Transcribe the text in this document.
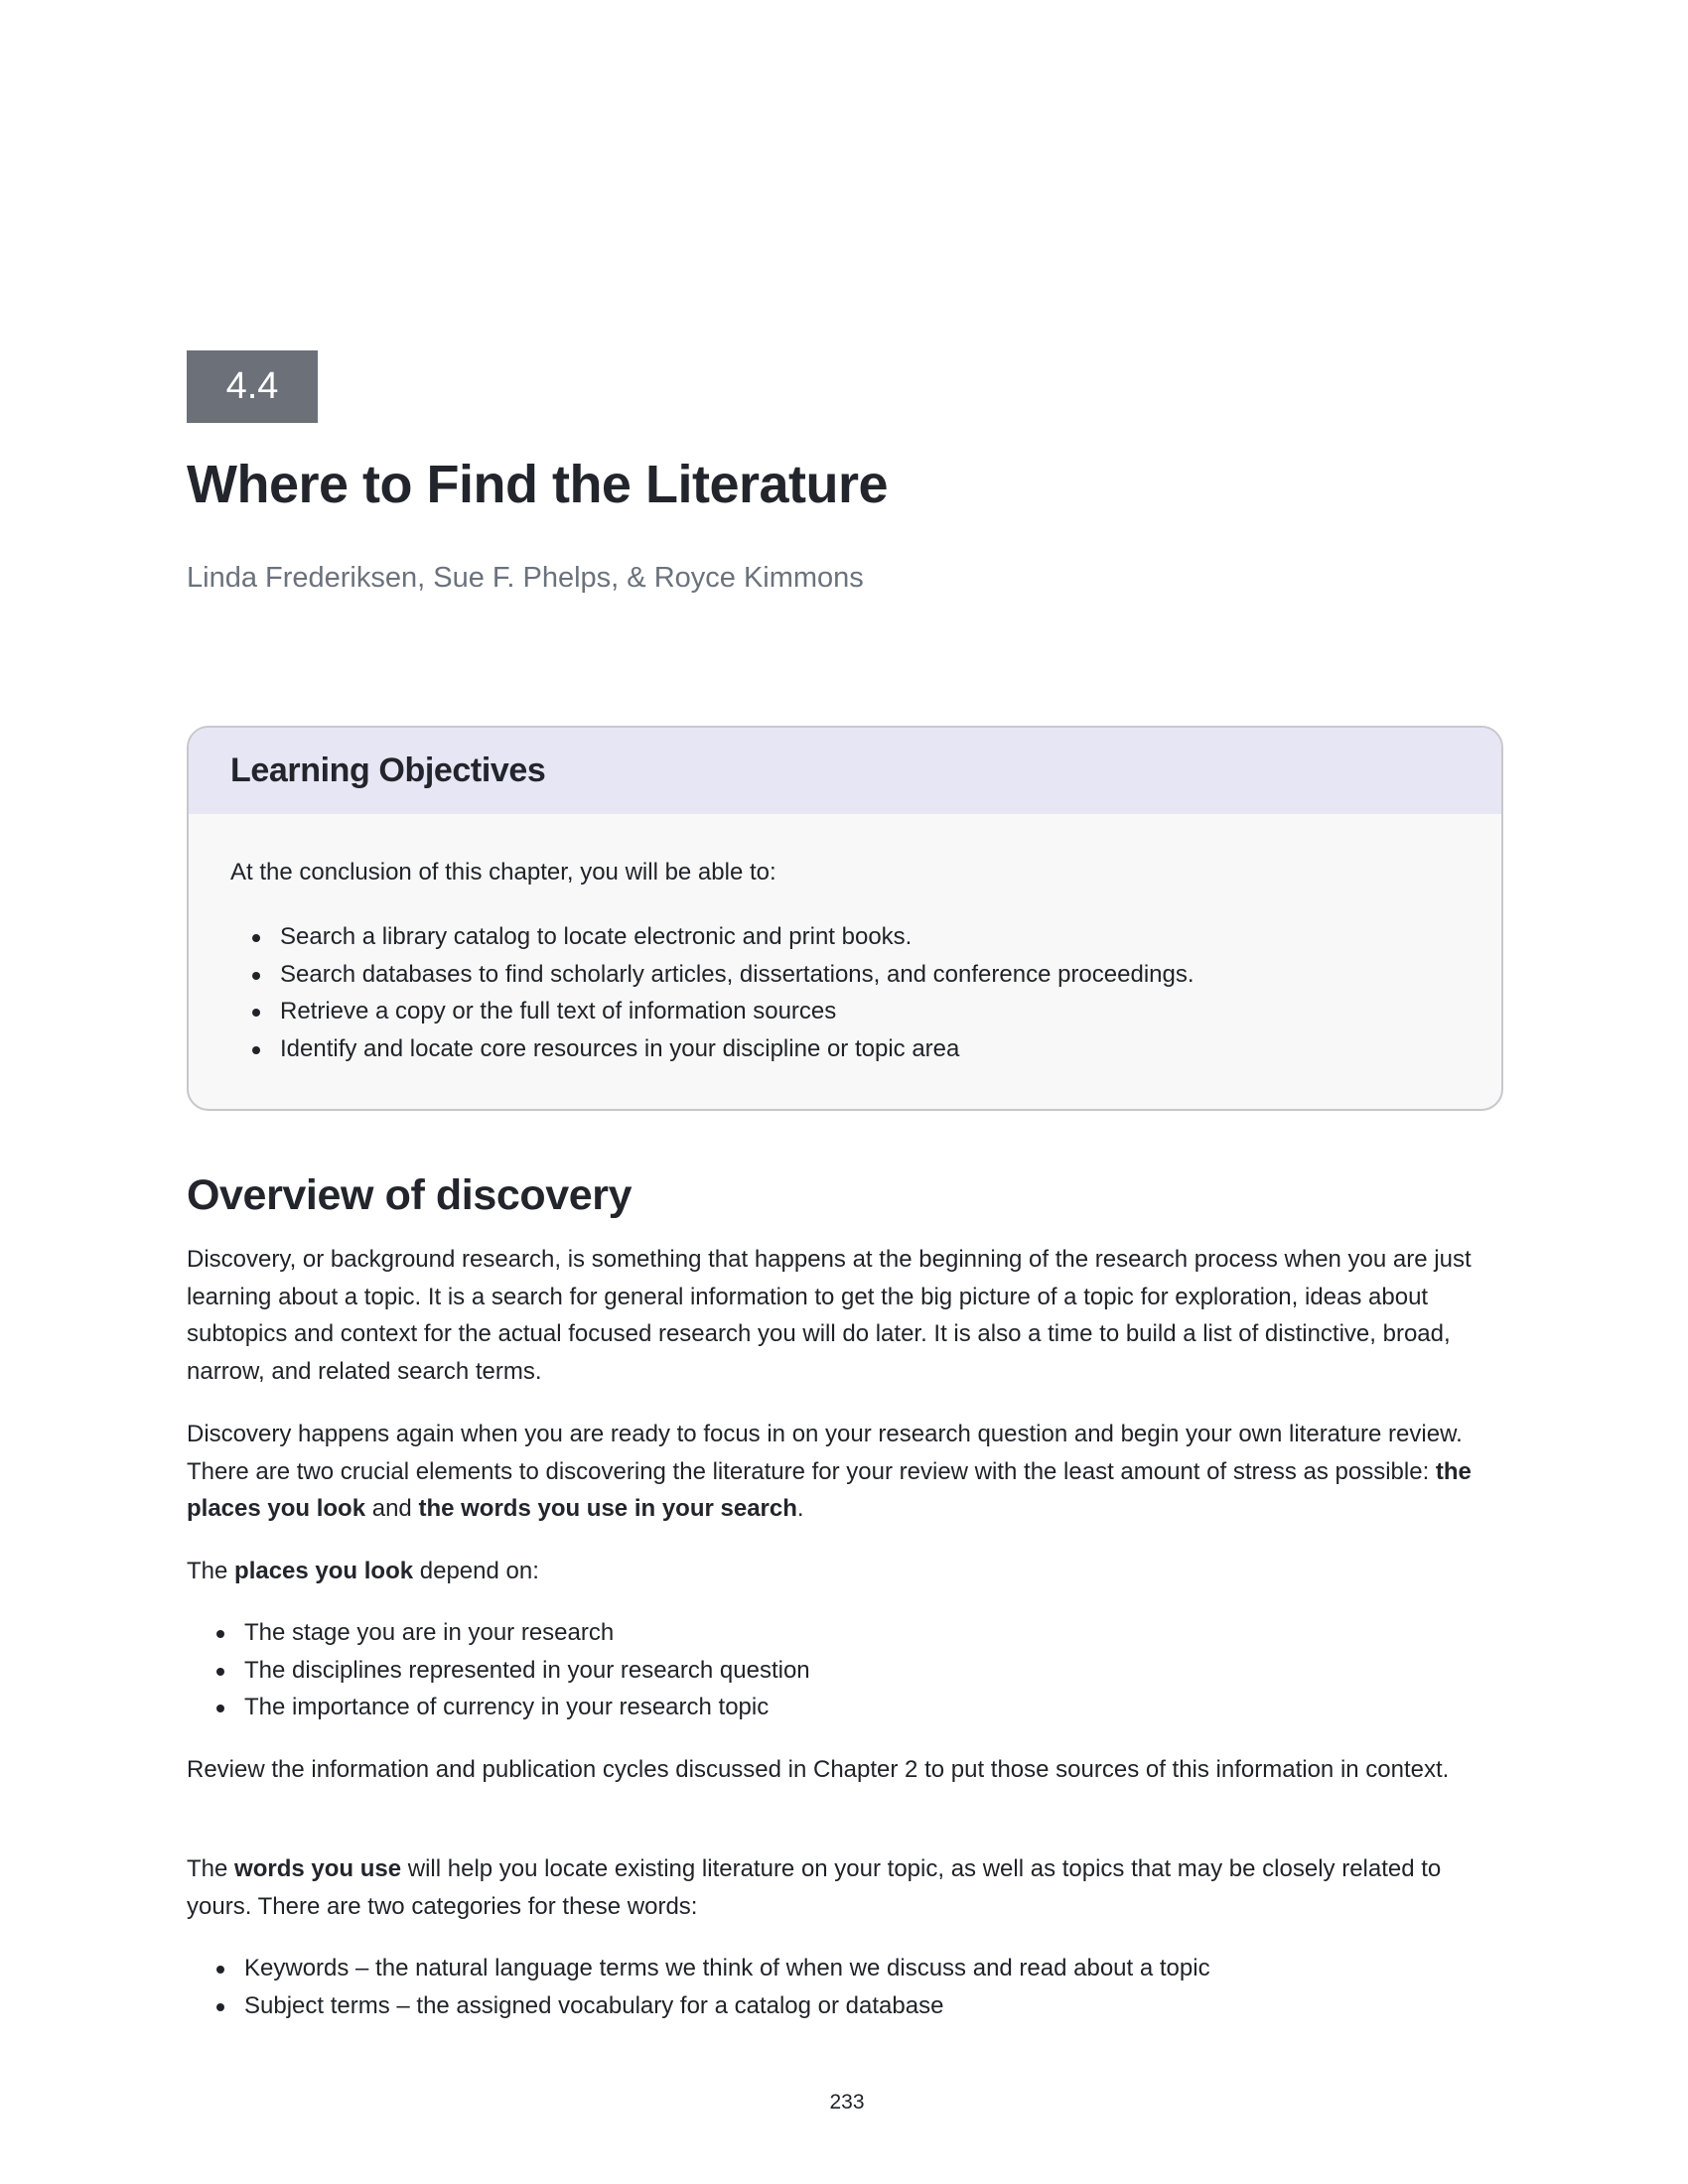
4.4
Where to Find the Literature
Linda Frederiksen, Sue F. Phelps, & Royce Kimmons
Learning Objectives
At the conclusion of this chapter, you will be able to:
Search a library catalog to locate electronic and print books.
Search databases to find scholarly articles, dissertations, and conference proceedings.
Retrieve a copy or the full text of information sources
Identify and locate core resources in your discipline or topic area
Overview of discovery

Discovery, or background research, is something that happens at the beginning of the research process when you are just learning about a topic. It is a search for general information to get the big picture of a topic for exploration, ideas about subtopics and context for the actual focused research you will do later. It is also a time to build a list of distinctive, broad, narrow, and related search terms.

Discovery happens again when you are ready to focus in on your research question and begin your own literature review. There are two crucial elements to discovering the literature for your review with the least amount of stress as possible: the places you look and the words you use in your search.

The places you look depend on:

The stage you are in your research
The disciplines represented in your research question
The importance of currency in your research topic

Review the information and publication cycles discussed in Chapter 2 to put those sources of this information in context.

The words you use will help you locate existing literature on your topic, as well as topics that may be closely related to yours. There are two categories for these words:

Keywords – the natural language terms we think of when we discuss and read about a topic
Subject terms – the assigned vocabulary for a catalog or database
233
